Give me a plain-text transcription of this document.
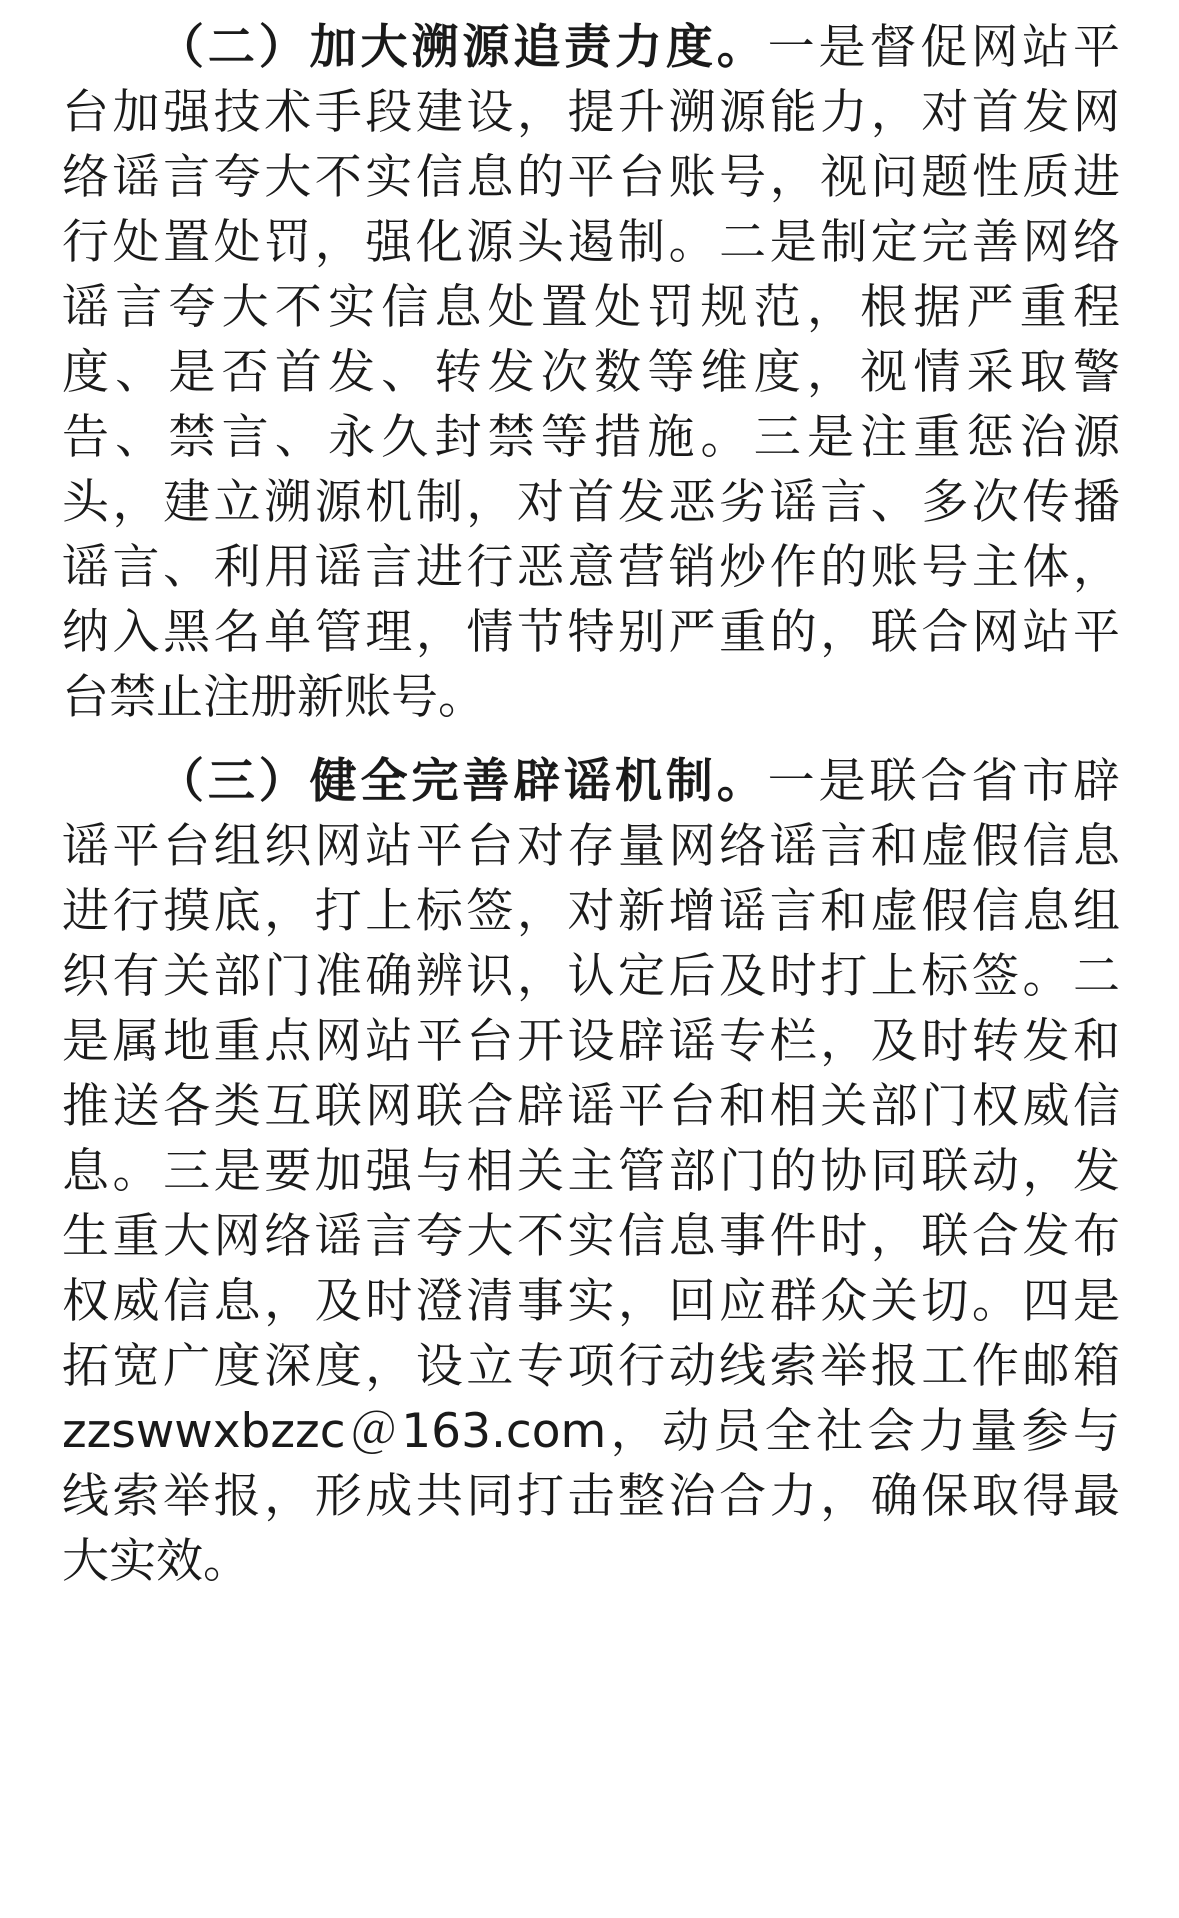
（二）加大溯源追责力度。一是督促网站平
台加强技术手段建设，提升溯源能力，对首发网
络谣言夸大不实信息的平台账号，视问题性质进
行处置处罚，强化源头遏制。二是制定完善网络
谣言夸大不实信息处置处罚规范，根据严重程
度、是否首发、转发次数等维度，视情采取警
告、禁言、永久封禁等措施。三是注重惩治源
头，建立溯源机制，对首发恶劣谣言、多次传播
谣言、利用谣言进行恶意营销炒作的账号主体，
纳入黑名单管理，情节特别严重的，联合网站平
台禁止注册新账号。
（三）健全完善辟谣机制。一是联合省市辟
谣平台组织网站平台对存量网络谣言和虚假信息
进行摸底，打上标签，对新增谣言和虚假信息组
织有关部门准确辨识，认定后及时打上标签。二
是属地重点网站平台开设辟谣专栏，及时转发和
推送各类互联网联合辟谣平台和相关部门权威信
息。三是要加强与相关主管部门的协同联动，发
生重大网络谣言夸大不实信息事件时，联合发布
权威信息，及时澄清事实，回应群众关切。四是
拓宽广度深度，设立专项行动线索举报工作邮箱
zzswwxbzzc＠163.com，动员全社会力量参与
线索举报，形成共同打击整治合力，确保取得最
大实效。
